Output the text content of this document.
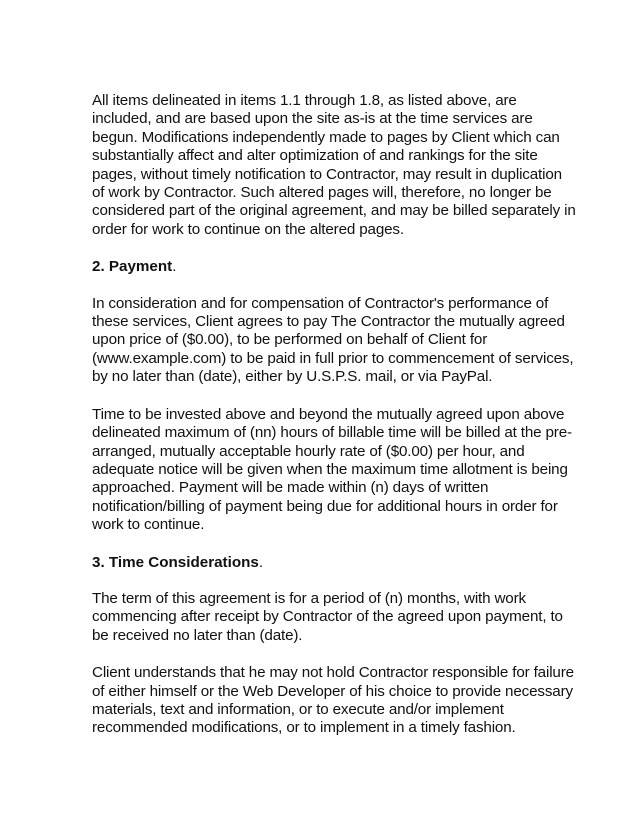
All items delineated in items 1.1 through 1.8, as listed above, are included, and are based upon the site as-is at the time services are begun. Modifications independently made to pages by Client which can substantially affect and alter optimization of and rankings for the site pages, without timely notification to Contractor, may result in duplication of work by Contractor. Such altered pages will, therefore, no longer be considered part of the original agreement, and may be billed separately in order for work to continue on the altered pages.

2. Payment.

In consideration and for compensation of Contractor's performance of these services, Client agrees to pay The Contractor the mutually agreed upon price of ($0.00), to be performed on behalf of Client for (www.example.com) to be paid in full prior to commencement of services, by no later than (date), either by U.S.P.S. mail, or via PayPal.

Time to be invested above and beyond the mutually agreed upon above delineated maximum of (nn) hours of billable time will be billed at the pre-arranged, mutually acceptable hourly rate of ($0.00) per hour, and adequate notice will be given when the maximum time allotment is being approached. Payment will be made within (n) days of written notification/billing of payment being due for additional hours in order for work to continue.

3. Time Considerations.

The term of this agreement is for a period of (n) months, with work commencing after receipt by Contractor of the agreed upon payment, to be received no later than (date).

Client understands that he may not hold Contractor responsible for failure of either himself or the Web Developer of his choice to provide necessary materials, text and information, or to execute and/or implement recommended modifications, or to implement in a timely fashion.
